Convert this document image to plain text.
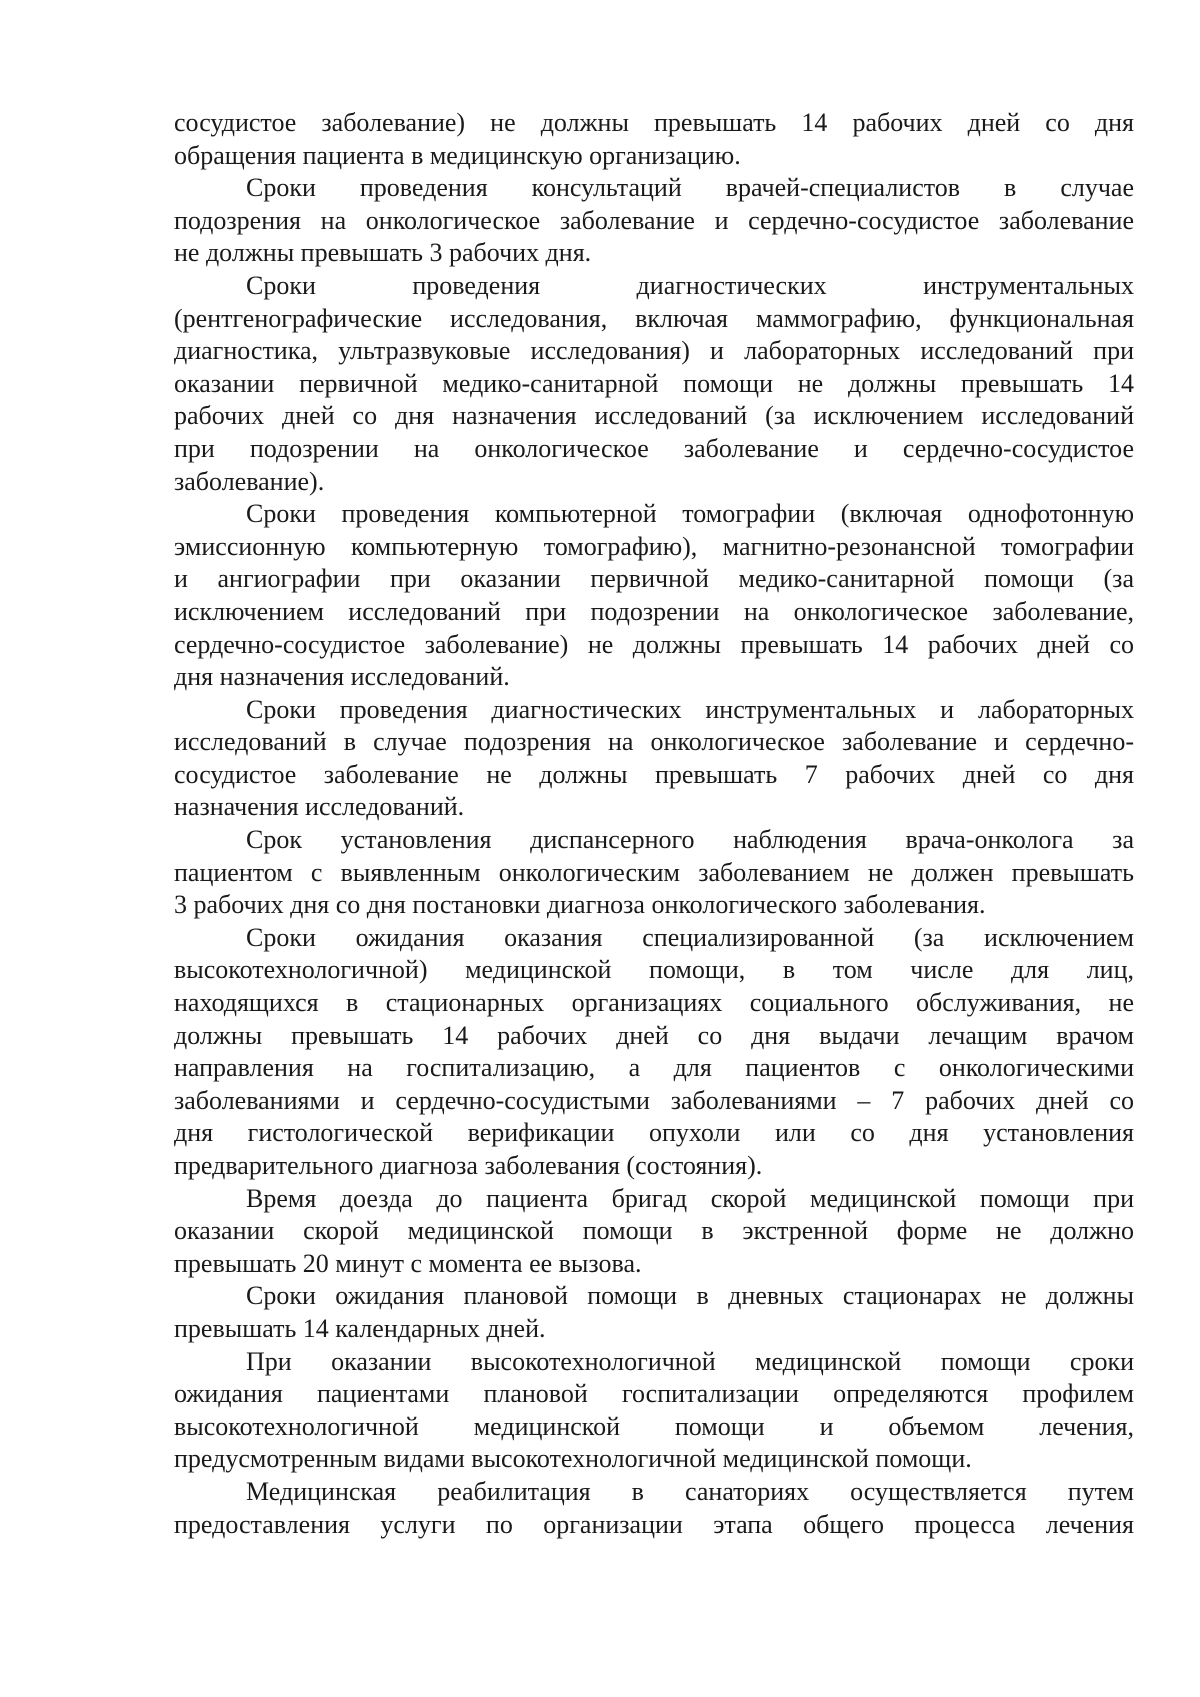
сосудистое заболевание) не должны превышать 14 рабочих дней со дня
обращения пациента в медицинскую организацию.
Сроки проведения консультаций врачей-специалистов в случае
подозрения на онкологическое заболевание и сердечно-сосудистое заболевание
не должны превышать 3 рабочих дня.
Сроки проведения диагностических инструментальных
(рентгенографические исследования, включая маммографию, функциональная
диагностика, ультразвуковые исследования) и лабораторных исследований при
оказании первичной медико-санитарной помощи не должны превышать 14
рабочих дней со дня назначения исследований (за исключением исследований
при подозрении на онкологическое заболевание и сердечно-сосудистое
заболевание).
Сроки проведения компьютерной томографии (включая однофотонную
эмиссионную компьютерную томографию), магнитно-резонансной томографии
и ангиографии при оказании первичной медико-санитарной помощи (за
исключением исследований при подозрении на онкологическое заболевание,
сердечно-сосудистое заболевание) не должны превышать 14 рабочих дней со
дня назначения исследований.
Сроки проведения диагностических инструментальных и лабораторных
исследований в случае подозрения на онкологическое заболевание и сердечно-
сосудистое заболевание не должны превышать 7 рабочих дней со дня
назначения исследований.
Срок установления диспансерного наблюдения врача-онколога за
пациентом с выявленным онкологическим заболеванием не должен превышать
3 рабочих дня со дня постановки диагноза онкологического заболевания.
Сроки ожидания оказания специализированной (за исключением
высокотехнологичной) медицинской помощи, в том числе для лиц,
находящихся в стационарных организациях социального обслуживания, не
должны превышать 14 рабочих дней со дня выдачи лечащим врачом
направления на госпитализацию, а для пациентов с онкологическими
заболеваниями и сердечно-сосудистыми заболеваниями – 7 рабочих дней со
дня гистологической верификации опухоли или со дня установления
предварительного диагноза заболевания (состояния).
Время доезда до пациента бригад скорой медицинской помощи при
оказании скорой медицинской помощи в экстренной форме не должно
превышать 20 минут с момента ее вызова.
Сроки ожидания плановой помощи в дневных стационарах не должны
превышать 14 календарных дней.
При оказании высокотехнологичной медицинской помощи сроки
ожидания пациентами плановой госпитализации определяются профилем
высокотехнологичной медицинской помощи и объемом лечения,
предусмотренным видами высокотехнологичной медицинской помощи.
Медицинская реабилитация в санаториях осуществляется путем
предоставления услуги по организации этапа общего процесса лечения
